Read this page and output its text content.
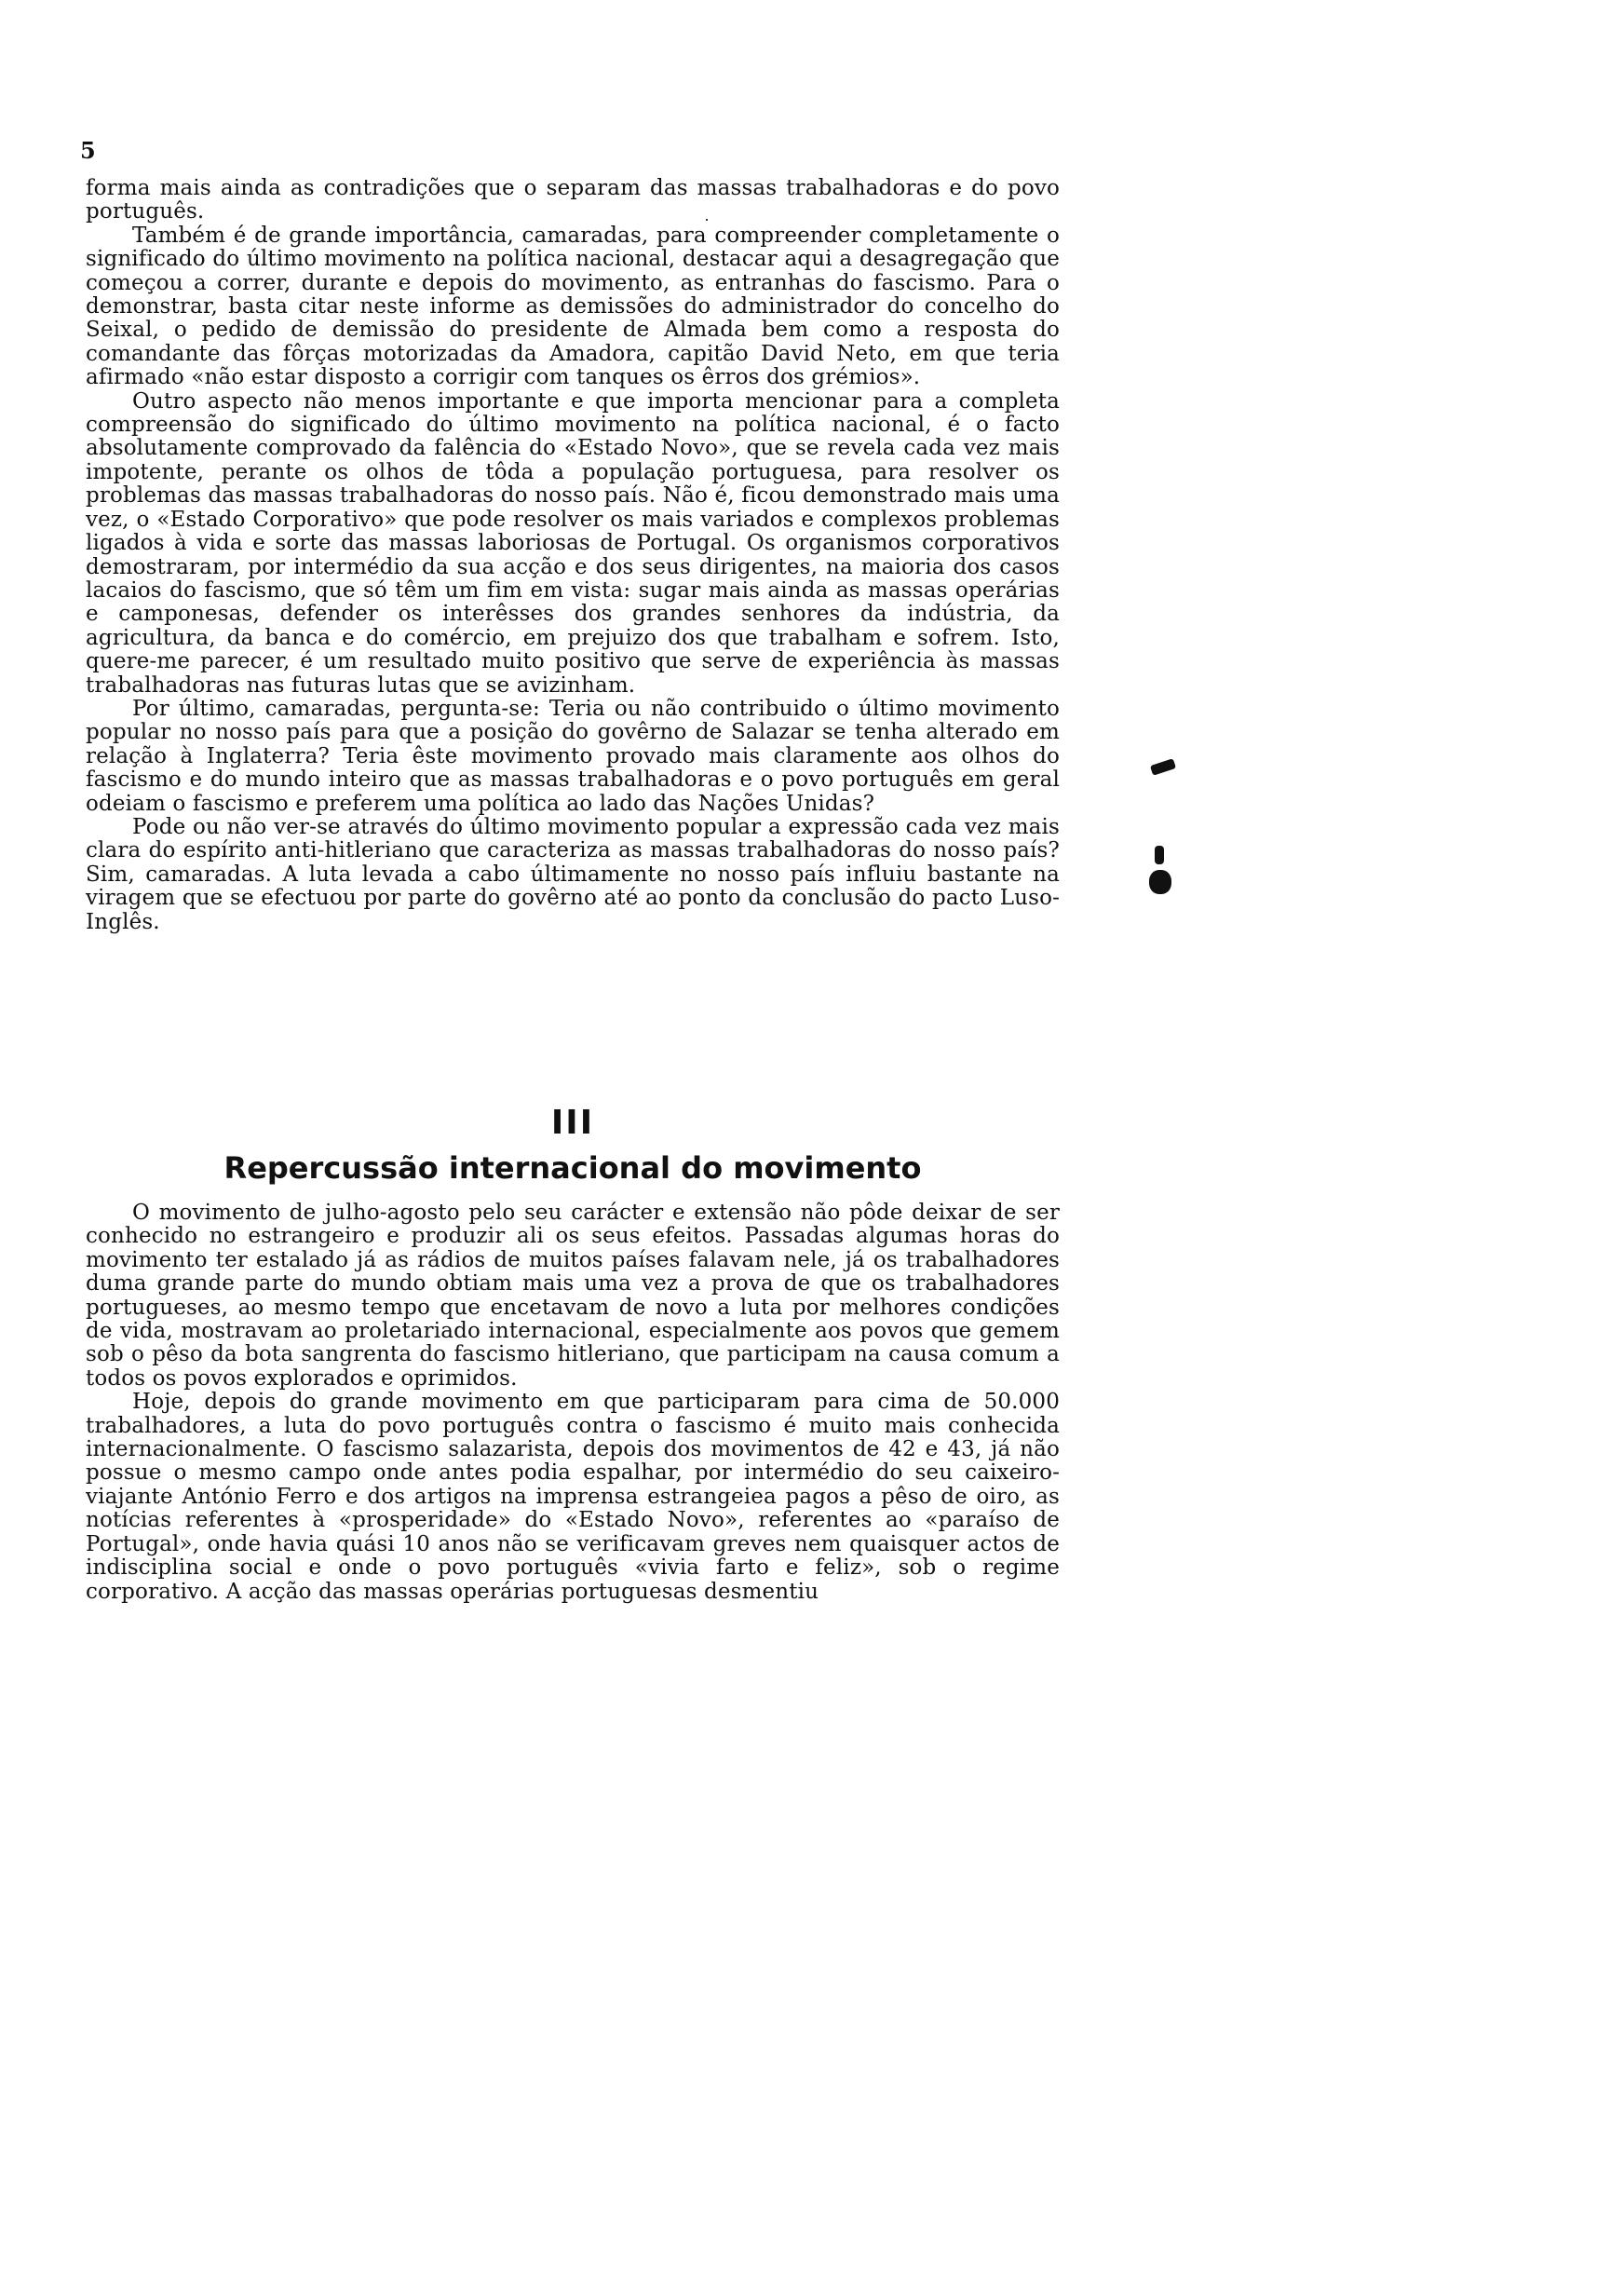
5

forma mais ainda as contradições que o separam das massas trabalhadoras e do povo português.

Também é de grande importância, camaradas, para compreender completamente o significado do último movimento na política nacional, destacar aqui a desagregação que começou a correr, durante e depois do movimento, as entranhas do fascismo. Para o demonstrar, basta citar neste informe as demissões do administrador do concelho do Seixal, o pedido de demissão do presidente de Almada bem como a resposta do comandante das fôrças motorizadas da Amadora, capitão David Neto, em que teria afirmado «não estar disposto a corrigir com tanques os êrros dos grémios».

Outro aspecto não menos importante e que importa mencionar para a completa compreensão do significado do último movimento na política nacional, é o facto absolutamente comprovado da falência do «Estado Novo», que se revela cada vez mais impotente, perante os olhos de tôda a população portuguesa, para resolver os problemas das massas trabalhadoras do nosso país. Não é, ficou demonstrado mais uma vez, o «Estado Corporativo» que pode resolver os mais variados e complexos problemas ligados à vida e sorte das massas laboriosas de Portugal. Os organismos corporativos demostraram, por intermédio da sua acção e dos seus dirigentes, na maioria dos casos lacaios do fascismo, que só têm um fim em vista: sugar mais ainda as massas operárias e camponesas, defender os interêsses dos grandes senhores da indústria, da agricultura, da banca e do comércio, em prejuizo dos que trabalham e sofrem. Isto, quere-me parecer, é um resultado muito positivo que serve de experiência às massas trabalhadoras nas futuras lutas que se avizinham.

Por último, camaradas, pergunta-se: Teria ou não contribuido o último movimento popular no nosso país para que a posição do govêrno de Salazar se tenha alterado em relação à Inglaterra? Teria êste movimento provado mais claramente aos olhos do fascismo e do mundo inteiro que as massas trabalhadoras e o povo português em geral odeiam o fascismo e preferem uma política ao lado das Nações Unidas?

Pode ou não ver-se através do último movimento popular a expressão cada vez mais clara do espírito anti-hitleriano que caracteriza as massas trabalhadoras do nosso país? Sim, camaradas. A luta levada a cabo últimamente no nosso país influiu bastante na viragem que se efectuou por parte do govêrno até ao ponto da conclusão do pacto Luso-Inglês.

III
Repercussão internacional do movimento

O movimento de julho-agosto pelo seu carácter e extensão não pôde deixar de ser conhecido no estrangeiro e produzir ali os seus efeitos. Passadas algumas horas do movimento ter estalado já as rádios de muitos países falavam nele, já os trabalhadores duma grande parte do mundo obtiam mais uma vez a prova de que os trabalhadores portugueses, ao mesmo tempo que encetavam de novo a luta por melhores condições de vida, mostravam ao proletariado internacional, especialmente aos povos que gemem sob o pêso da bota sangrenta do fascismo hitleriano, que participam na causa comum a todos os povos explorados e oprimidos.

Hoje, depois do grande movimento em que participaram para cima de 50.000 trabalhadores, a luta do povo português contra o fascismo é muito mais conhecida internacionalmente. O fascismo salazarista, depois dos movimentos de 42 e 43, já não possue o mesmo campo onde antes podia espalhar, por intermédio do seu caixeiro-viajante António Ferro e dos artigos na imprensa estrangeiea pagos a pêso de oiro, as notícias referentes à «prosperidade» do «Estado Novo», referentes ao «paraíso de Portugal», onde havia quási 10 anos não se verificavam greves nem quaisquer actos de indisciplina social e onde o povo português «vivia farto e feliz», sob o regime corporativo. A acção das massas operárias portuguesas desmentiu
